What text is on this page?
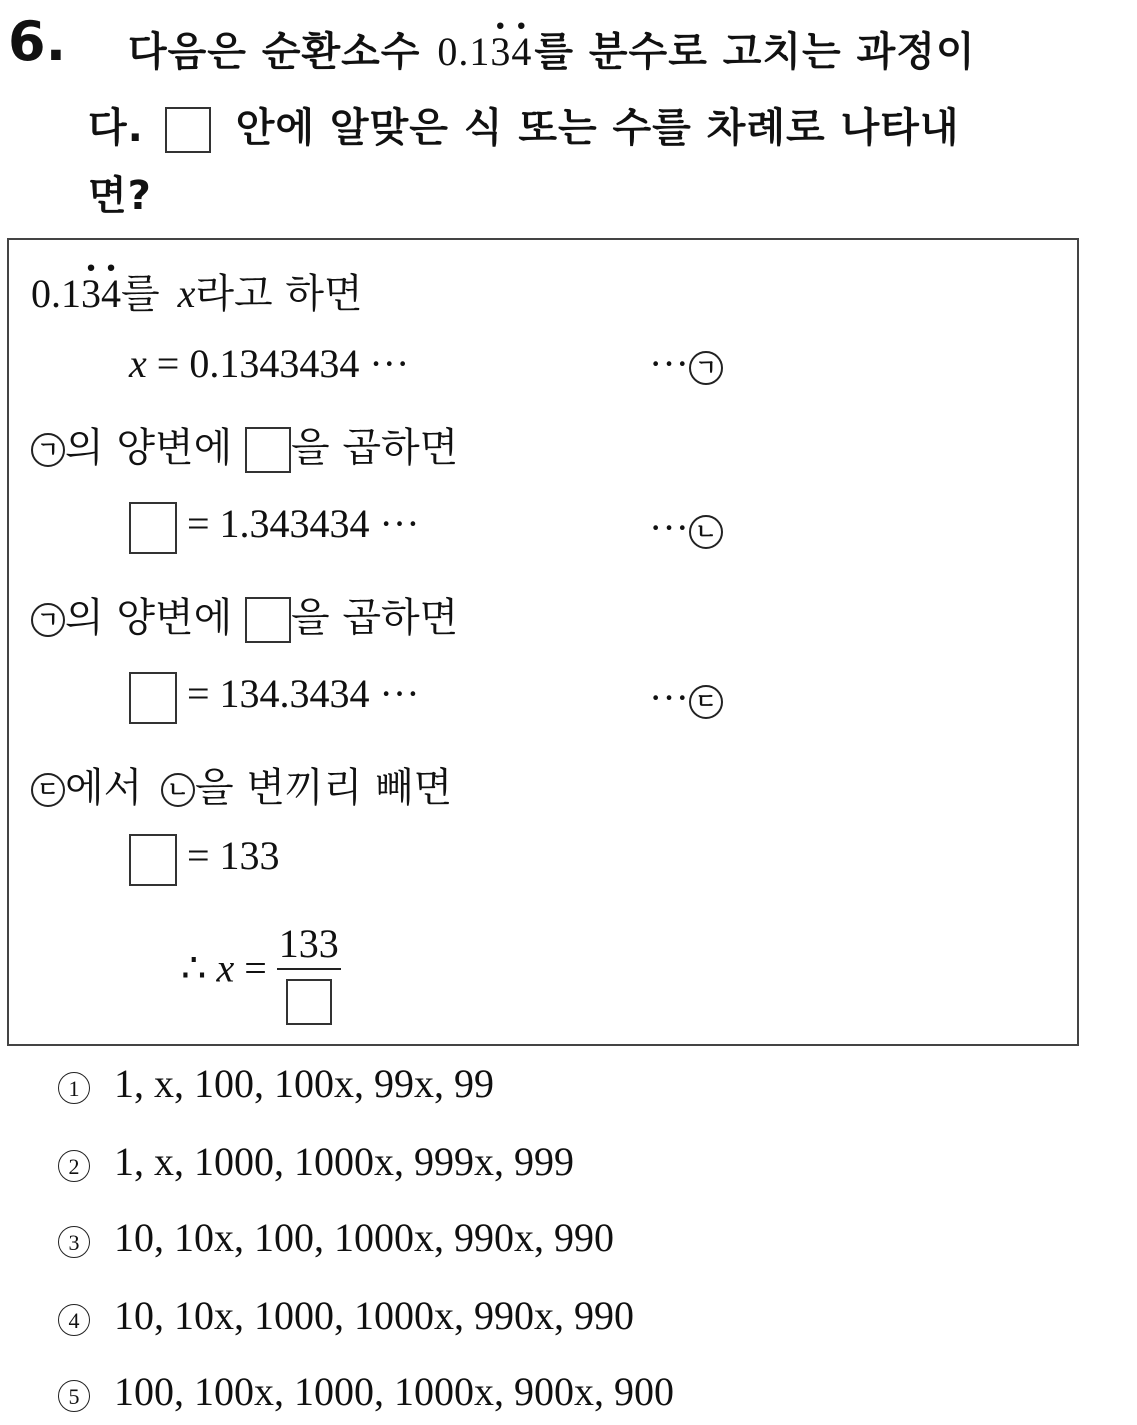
6. 다음은 순환소수 0.1· 3· 4를 분수로 고치는 과정이
다. 안에 알맞은 식 또는 수를 차례로 나타내
면?
0.1· 3· 4를 x라고 하면
x = 0.1343434 ···	··· ㄱ
ㄱ 의 양변에 을 곱하면
= 1.343434 ···	··· ㄴ
ㄱ 의 양변에 을 곱하면
= 134.3434 ···	··· ㄷ
ㄷ 에서 ㄴ 을 변끼리 빼면
= 133
∴ x =
133
1 1, x, 100, 100x, 99x, 99
2 1, x, 1000, 1000x, 999x, 999
3 10, 10x, 100, 1000x, 990x, 990
4 10, 10x, 1000, 1000x, 990x, 990
5 100, 100x, 1000, 1000x, 900x, 900
